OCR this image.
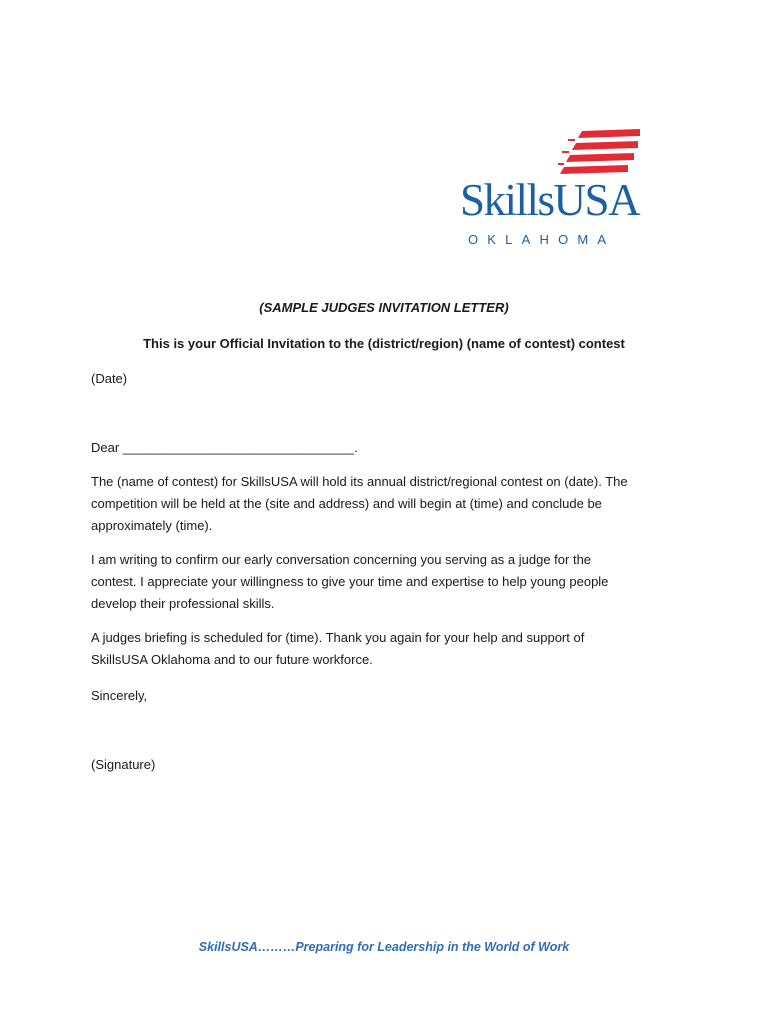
SkillsUSA
OKLAHOMA
(SAMPLE JUDGES INVITATION LETTER)
This is your Official Invitation to the (district/region) (name of contest) contest
(Date)
Dear ________________________________.
The (name of contest) for SkillsUSA will hold its annual district/regional contest on (date). The
competition will be held at the (site and address) and will begin at (time) and conclude be
approximately (time).
I am writing to confirm our early conversation concerning you serving as a judge for the
contest. I appreciate your willingness to give your time and expertise to help young people
develop their professional skills.
A judges briefing is scheduled for (time). Thank you again for your help and support of
SkillsUSA Oklahoma and to our future workforce.
Sincerely,
(Signature)
SkillsUSA………Preparing for Leadership in the World of Work
